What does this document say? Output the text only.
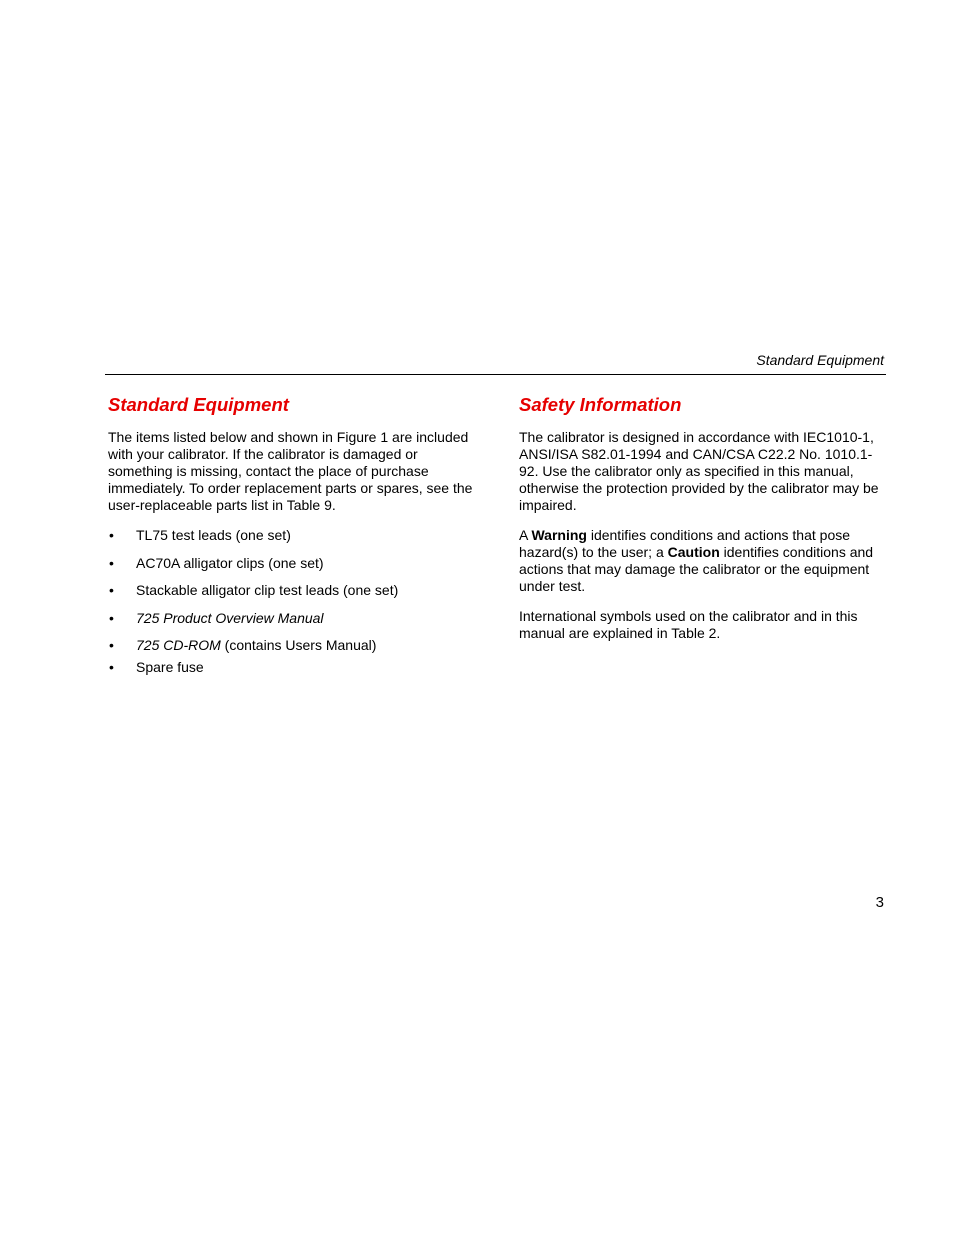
Standard Equipment
Standard Equipment

The items listed below and shown in Figure 1 are included with your calibrator. If the calibrator is damaged or something is missing, contact the place of purchase immediately. To order replacement parts or spares, see the user-replaceable parts list in Table 9.

• TL75 test leads (one set)
• AC70A alligator clips (one set)
• Stackable alligator clip test leads (one set)
• 725 Product Overview Manual
• 725 CD-ROM (contains Users Manual)
• Spare fuse
Safety Information

The calibrator is designed in accordance with IEC1010-1, ANSI/ISA S82.01-1994 and CAN/CSA C22.2 No. 1010.1-92. Use the calibrator only as specified in this manual, otherwise the protection provided by the calibrator may be impaired.

A Warning identifies conditions and actions that pose hazard(s) to the user; a Caution identifies conditions and actions that may damage the calibrator or the equipment under test.

International symbols used on the calibrator and in this manual are explained in Table 2.

3
